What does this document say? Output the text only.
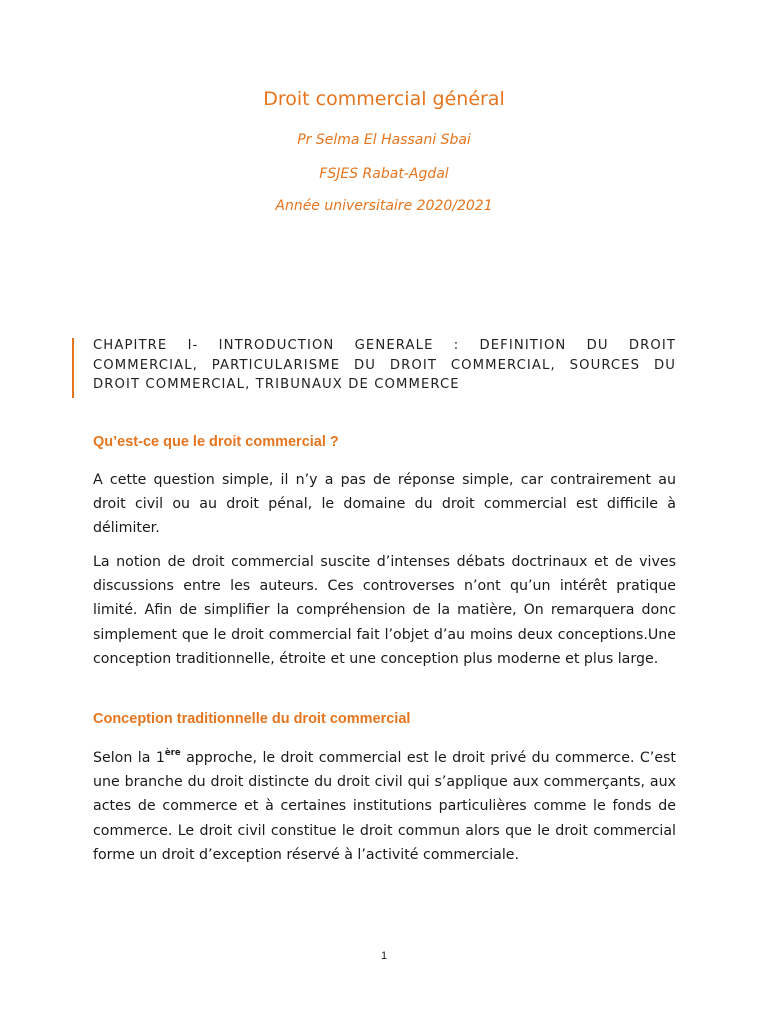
Droit commercial général
Pr Selma El Hassani Sbai
FSJES Rabat-Agdal
Année universitaire 2020/2021
CHAPITRE I- INTRODUCTION GENERALE : DEFINITION DU DROIT COMMERCIAL, PARTICULARISME DU DROIT COMMERCIAL, SOURCES DU DROIT COMMERCIAL, TRIBUNAUX DE COMMERCE
Qu’est-ce que le droit commercial ?
A cette question simple, il n’y a pas de réponse simple, car contrairement au droit civil ou au droit pénal, le domaine du droit commercial est difficile à délimiter.
La notion de droit commercial suscite d’intenses débats doctrinaux et de vives discussions entre les auteurs. Ces controverses n’ont qu’un intérêt pratique limité. Afin de simplifier la compréhension de la matière, On remarquera donc simplement que le droit commercial fait l’objet d’au moins deux conceptions.Une conception traditionnelle, étroite et une conception plus moderne et plus large.
Conception traditionnelle du droit commercial
Selon la 1ère approche, le droit commercial est le droit privé du commerce. C’est une branche du droit distincte du droit civil qui s’applique aux commerçants, aux actes de commerce et à certaines institutions particulières comme le fonds de commerce. Le droit civil constitue le droit commun alors que le droit commercial forme un droit d’exception réservé à l’activité commerciale.
1
